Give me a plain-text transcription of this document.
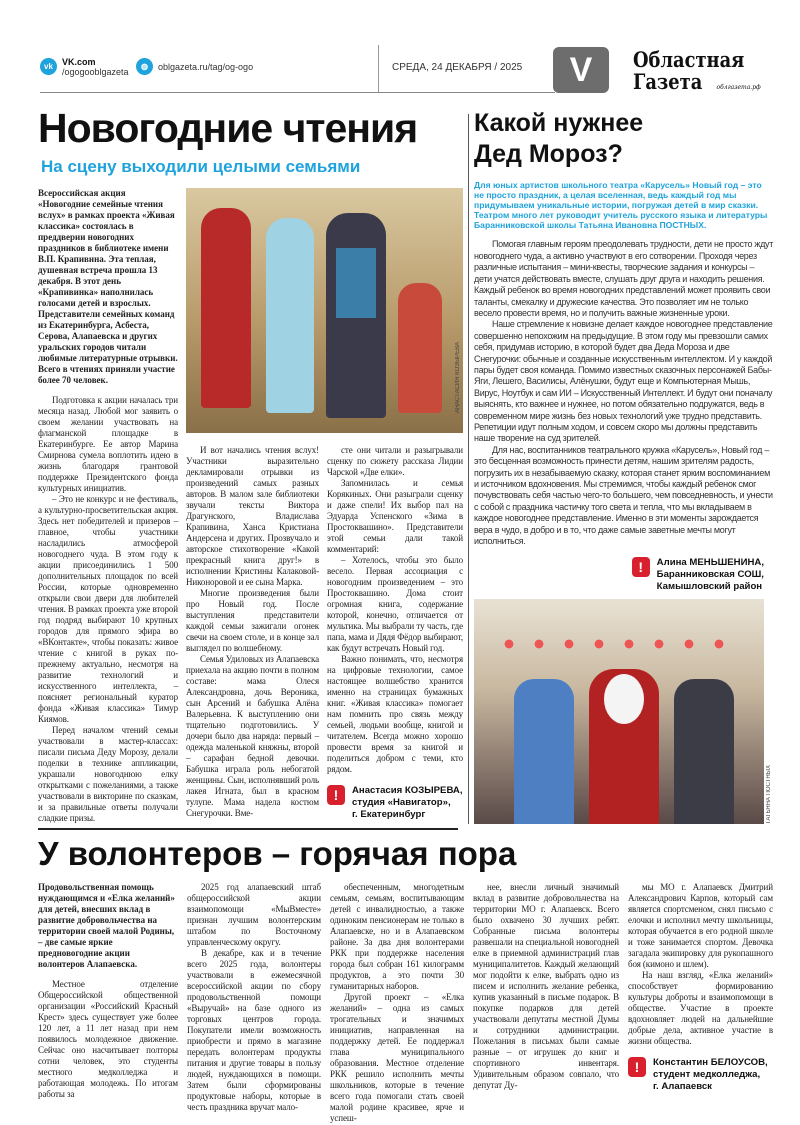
vk	VK.com
/ogogooblgazeta
◍	oblgazeta.ru/tag/og-ogo	СРЕДА, 24 ДЕКАБРЯ / 2025	V	Областная
Газета облгазета.рф
Новогодние чтения
На сцену выходили целыми семьями
Всероссийская акция «Новогодние семейные чтения вслух» в рамках проекта «Живая классика» состоялась в преддверии новогодних праздников в библиотеке имени В.П. Крапивина. Эта теплая, душевная встреча прошла 13 декабря. В этот день «Крапивинка» наполнилась голосами детей и взрослых. Представители семейных команд из Екатеринбурга, Асбеста, Серова, Алапаевска и других уральских городов читали любимые литературные отрывки. Всего в чтениях приняли участие более 70 человек.

Подготовка к акции началась три месяца назад. Любой мог заявить о своем желании участвовать на флагманской площадке в Екатеринбурге. Ее автор Марина Смирнова сумела воплотить идею в жизнь благодаря грантовой поддержке Президентского фонда культурных инициатив.

– Это не конкурс и не фестиваль, а культурно-просветительская акция. Здесь нет победителей и призеров – главное, чтобы участники насладились атмосферой новогоднего чуда. В этом году к акции присоединились 1 500 дополнительных площадок по всей России, которые одновременно открыли свои двери для любителей чтения. В рамках проекта уже второй год подряд выбирают 10 крупных городов для прямого эфира во «ВКонтакте», чтобы показать: живое чтение с книгой в руках по-прежнему актуально, несмотря на развитие технологий и искусственного интеллекта, – поясняет региональный куратор фонда «Живая классика» Тимур Киямов.

Перед началом чтений семьи участвовали в мастер-классах: писали письма Деду Морозу, делали поделки в технике аппликации, украшали новогоднюю елку открытками с пожеланиями, а также участвовали в викторине по сказкам, и за правильные ответы получали сладкие призы.

АНАСТАСИЯ КОЗЫРЕВА

И вот начались чтения вслух! Участники выразительно декламировали отрывки из произведений самых разных авторов. В малом зале библиотеки звучали тексты Виктора Драгунского, Владислава Крапивина, Ханса Кристиана Андерсена и других. Прозвучало и авторское стихотворение «Какой прекрасный книга друг!» в исполнении Кристины Калаковой-Никоноровой и ее сына Марка.

Многие произведения были про Новый год. После выступления представители каждой семьи зажигали огонек свечи на своем столе, и в конце зал выглядел по волшебному.

Семья Удиловых из Алапаевска приехала на акцию почти в полном составе: мама Олеся Александровна, дочь Вероника, сын Арсений и бабушка Алёна Валерьевна. К выступлению они тщательно подготовились. У дочери было два наряда: первый – одежда маленькой княжны, второй – сарафан бедной девочки. Бабушка играла роль небогатой женщины. Сын, исполнявший роль лакея Игната, был в красном тулупе. Мама надела костюм Снегурочки. Вме-

сте они читали и разыгрывали сценку по сюжету рассказа Лидии Чарской «Две елки».

Запомнилась и семья Корякиных. Они разыграли сценку и даже спели! Их выбор пал на Эдуарда Успенского «Зима в Простоквашино». Представители этой семьи дали такой комментарий:

– Хотелось, чтобы это было весело. Первая ассоциация с новогодним произведением – это Простоквашино. Дома стоит огромная книга, содержание которой, конечно, отличается от мультика. Мы выбрали ту часть, где папа, мама и Дядя Фёдор выбирают, как будут встречать Новый год.

Важно понимать, что, несмотря на цифровые технологии, самое настоящее волшебство хранится именно на страницах бумажных книг. «Живая классика» помогает нам помнить про связь между семьей, людьми вообще, книгой и читателем. Всегда можно хорошо провести время за книгой и поделиться добром с теми, кто рядом.

!	Анастасия КОЗЫРЕВА,
студия «Навигатор»,
г. Екатеринбург
Какой нужнее Дед Мороз?
Для юных артистов школьного театра «Карусель» Новый год – это не просто праздник, а целая вселенная, ведь каждый год мы придумываем уникальные истории, погружая детей в мир сказки. Театром много лет руководит учитель русского языка и литературы Баранниковской школы Татьяна Ивановна ПОСТНЫХ.

Помогая главным героям преодолевать трудности, дети не просто ждут новогоднего чуда, а активно участвуют в его сотворении. Проходя через различные испытания – мини-квесты, творческие задания и конкурсы – дети учатся действовать вместе, слушать друг друга и находить решения. Каждый ребенок во время новогодних представлений может проявить свои таланты, смекалку и дружеские качества. Это позволяет им не только весело провести время, но и получить важные жизненные уроки.

Наше стремление к новизне делает каждое новогоднее представление совершенно непохожим на предыдущие. В этом году мы превзошли самих себя, придумав историю, в которой будет два Деда Мороза и две Снегурочки: обычные и созданные искусственным интеллектом. И у каждой пары будет своя команда. Помимо известных сказочных персонажей Бабы-Яги, Лешего, Василисы, Алёнушки, будут еще и Компьютерная Мышь, Вирус, Ноутбук и сам ИИ – Искусственный Интеллект. И будут они поначалу выяснять, кто важнее и нужнее, но потом обязательно подружатся, ведь в современном мире жизнь без новых технологий уже трудно представить. Репетиции идут полным ходом, и совсем скоро мы должны представить наше творение на суд зрителей.

Для нас, воспитанников театрального кружка «Карусель», Новый год – это бесценная возможность принести детям, нашим зрителям радость, погрузить их в незабываемую сказку, которая станет ярким воспоминанием и источником вдохновения. Мы стремимся, чтобы каждый ребенок смог почувствовать себя частью чего-то большего, чем повседневность, и унести с собой с праздника частичку того света и тепла, что мы вкладываем в каждое новогоднее представление. Именно в эти моменты зарождается вера в чудо, в добро и в то, что даже самые заветные мечты могут исполниться.

!	Алина МЕНЬШЕНИНА,
Баранниковская СОШ,
Камышловский район
ТАТЬЯНА ПОСТНЫХ
У волонтеров – горячая пора
Продовольственная помощь нуждающимся и «Елка желаний» для детей, внесших вклад в развитие добровольчества на территории своей малой Родины, – две самые яркие предновогодние акции волонтеров Алапаевска.

Местное отделение Общероссийской общественной организации «Российский Красный Крест» здесь существует уже более 120 лет, а 11 лет назад при нем появилось молодежное движение. Сейчас оно насчитывает полторы сотни человек, это студенты местного медколледжа и работающая молодежь. По итогам работы за

2025 год алапаевский штаб общероссийской акции взаимопомощи «МыВместе» признан лучшим волонтерским штабом по Восточному управленческому округу.

В декабре, как и в течение всего 2025 года, волонтеры участвовали в ежемесячной всероссийской акции по сбору продовольственной помощи «Выручай» на базе одного из торговых центров города. Покупатели имели возможность приобрести и прямо в магазине передать волонтерам продукты питания и другие товары в пользу людей, нуждающихся в помощи. Затем были сформированы продуктовые наборы, которые в честь праздника вручат мало-

обеспеченным, многодетным семьям, семьям, воспитывающим детей с инвалидностью, а также одиноким пенсионерам не только в Алапаевске, но и в Алапаевском районе. За два дня волонтерами РКК при поддержке населения города был собран 161 килограмм продуктов, а это почти 30 гуманитарных наборов.

Другой проект – «Елка желаний» – одна из самых трогательных и значимых инициатив, направленная на поддержку детей. Ее поддержал глава муниципального образования. Местное отделение РКК решило исполнить мечты школьников, которые в течение всего года помогали стать своей малой родине красивее, ярче и успеш-

нее, внесли личный значимый вклад в развитие добровольчества на территории МО г. Алапаевск. Всего было охвачено 30 лучших ребят. Собранные письма волонтеры развешали на специальной новогодней елке в приемной администраций глав муниципалитетов. Каждый желающий мог подойти к елке, выбрать одно из писем и исполнить желание ребенка, купив указанный в письме подарок. В покупке подарков для детей участвовали депутаты местной Думы и сотрудники администрации. Пожелания в письмах были самые разные – от игрушек до книг и спортивного инвентаря. Удивительным образом совпало, что депутат Ду-

мы МО г. Алапаевск Дмитрий Александрович Карпов, который сам является спортсменом, снял письмо с елочки и исполнил мечту школьницы, которая обучается в его родной школе и тоже занимается спортом. Девочка загадала экипировку для рукопашного боя (кимоно и шлем).

На наш взгляд, «Елка желаний» способствует формированию культуры доброты и взаимопомощи в обществе. Участие в проекте вдохновляет людей на дальнейшие добрые дела, активное участие в жизни общества.

!	Константин БЕЛОУСОВ,
студент медколледжа,
г. Алапаевск
